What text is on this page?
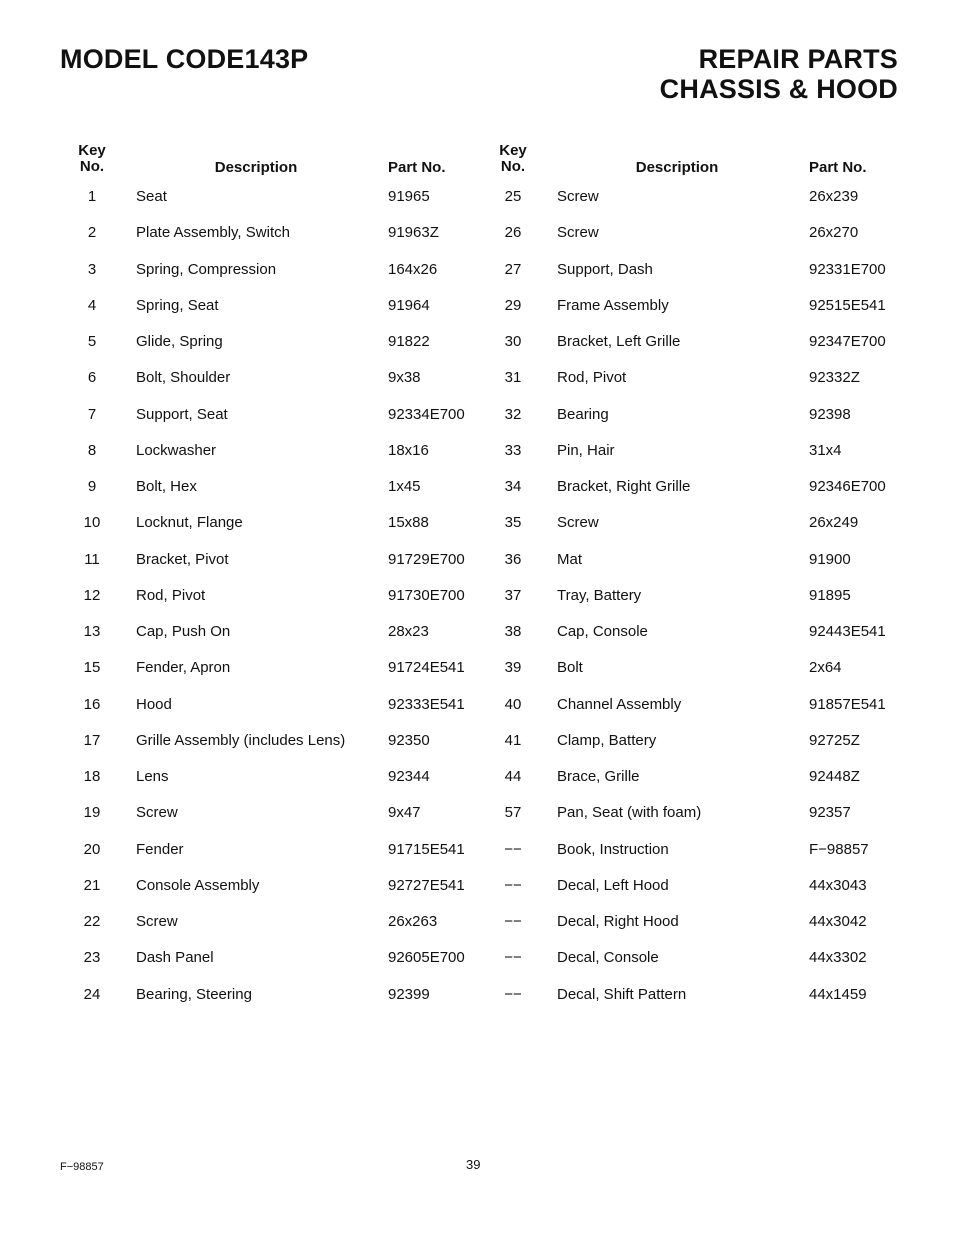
MODEL CODE143P	REPAIR PARTS
CHASSIS & HOOD
Key
No.	Description	Part No.
1	Seat	91965
2	Plate Assembly, Switch	91963Z
3	Spring, Compression	164x26
4	Spring, Seat	91964
5	Glide, Spring	91822
6	Bolt, Shoulder	9x38
7	Support, Seat	92334E700
8	Lockwasher	18x16
9	Bolt, Hex	1x45
10	Locknut, Flange	15x88
11	Bracket, Pivot	91729E700
12	Rod, Pivot	91730E700
13	Cap, Push On	28x23
15	Fender, Apron	91724E541
16	Hood	92333E541
17	Grille Assembly (includes Lens)	92350
18	Lens	92344
19	Screw	9x47
20	Fender	91715E541
21	Console Assembly	92727E541
22	Screw	26x263
23	Dash Panel	92605E700
24	Bearing, Steering	92399
Key
No.	Description	Part No.
25	Screw	26x239
26	Screw	26x270
27	Support, Dash	92331E700
29	Frame Assembly	92515E541
30	Bracket, Left Grille	92347E700
31	Rod, Pivot	92332Z
32	Bearing	92398
33	Pin, Hair	31x4
34	Bracket, Right Grille	92346E700
35	Screw	26x249
36	Mat	91900
37	Tray, Battery	91895
38	Cap, Console	92443E541
39	Bolt	2x64
40	Channel Assembly	91857E541
41	Clamp, Battery	92725Z
44	Brace, Grille	92448Z
57	Pan, Seat (with foam)	92357
−−	Book, Instruction	F−98857
−−	Decal, Left Hood	44x3043
−−	Decal, Right Hood	44x3042
−−	Decal, Console	44x3302
−−	Decal, Shift Pattern	44x1459
F−98857	39
